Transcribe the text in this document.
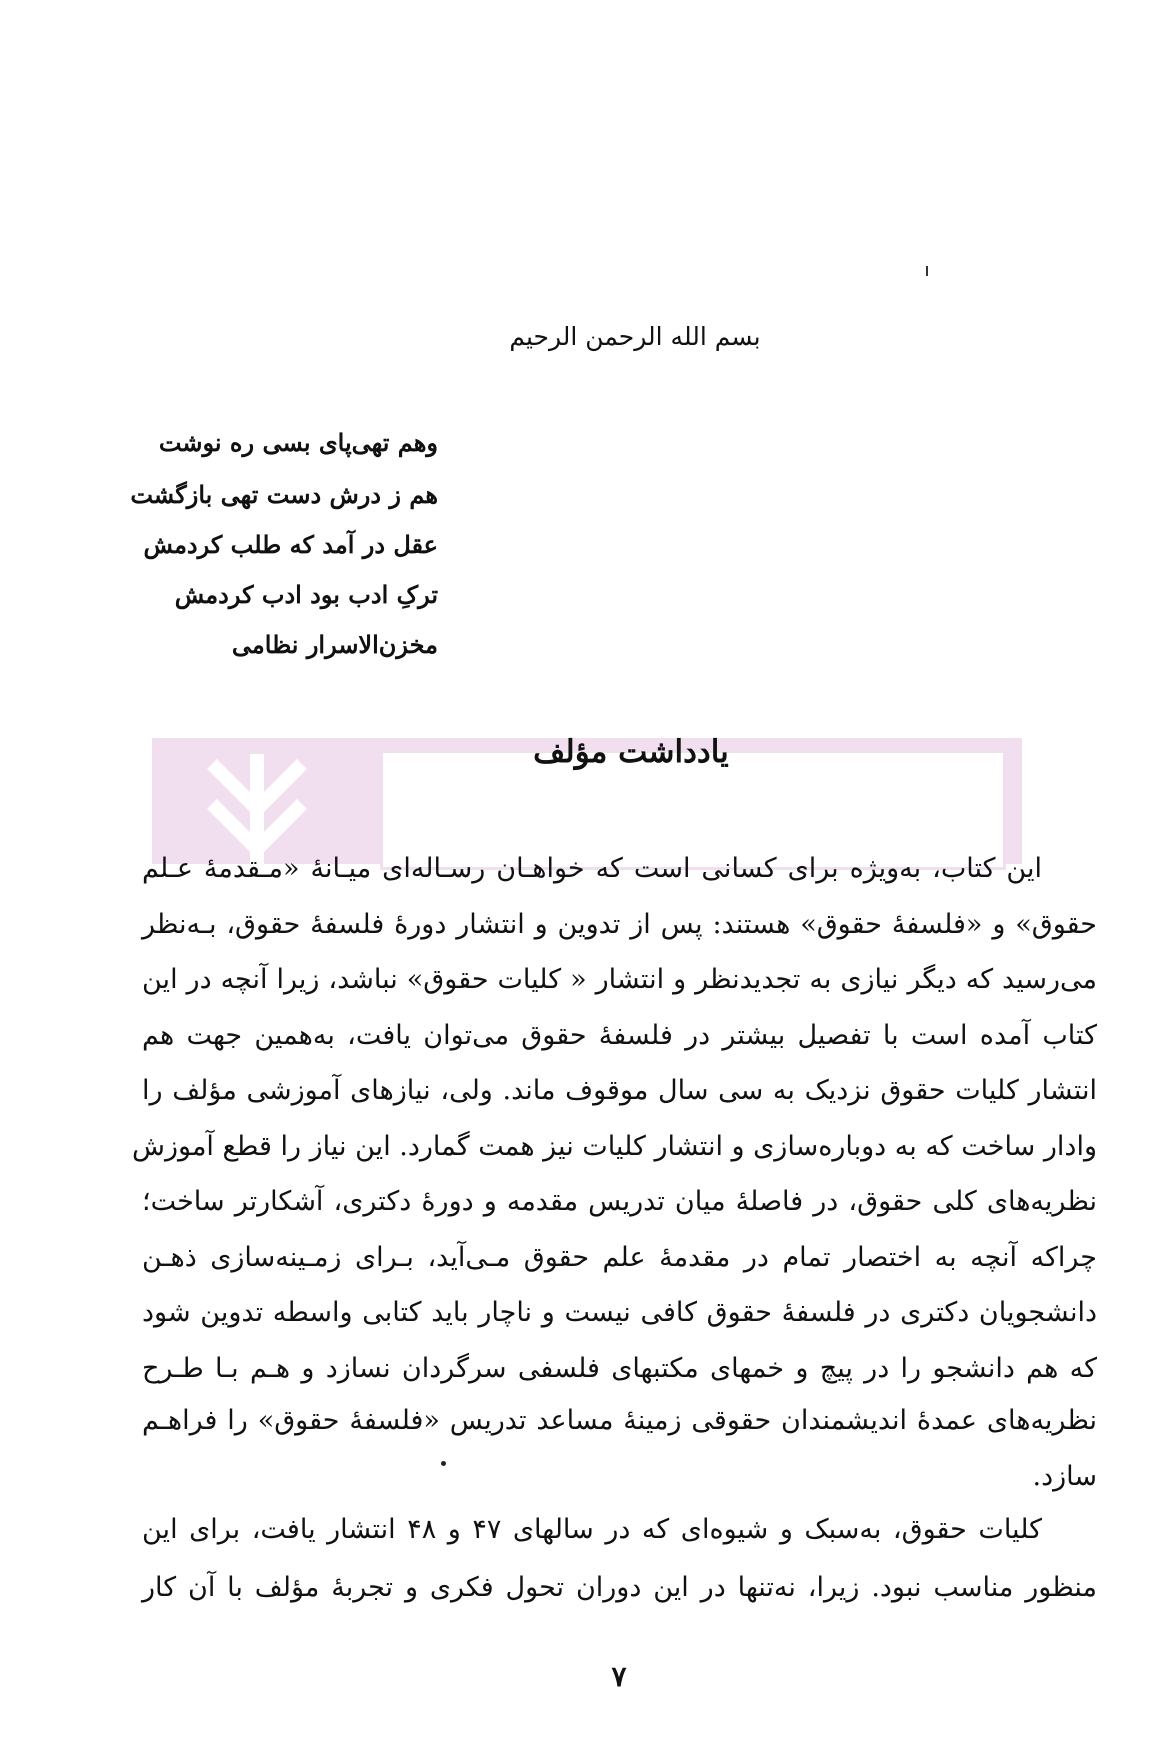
بسم الله الرحمن الرحیم
وهم تهی‌پای بسی ره نوشت
هم ز درش دست تهی بازگشت
عقل در آمد که طلب کردمش
ترکِ ادب بود ادب کردمش
مخزن‌الاسرار نظامی
یادداشت مؤلف
این کتاب، به‌ویژه برای کسانی است که خواهـان رسـاله‌ای میـانهٔ «مـقدمهٔ عـلم
حقوق» و «فلسفهٔ حقوق» هستند: پس از تدوین و انتشار دورهٔ فلسفهٔ حقوق، بـه‌نظر
می‌رسید که دیگر نیازی به تجدیدنظر و انتشار « کلیات حقوق» نباشد، زیرا آنچه در این
کتاب آمده است با تفصیل بیشتر در فلسفهٔ حقوق می‌توان یافت، به‌همین جهت هم
انتشار کلیات حقوق نزدیک به سی سال موقوف ماند. ولی، نیازهای آموزشی مؤلف را
وادار ساخت که به دوباره‌سازی و انتشار کلیات نیز همت گمارد. این نیاز را قطع آموزش
نظریه‌های کلی حقوق، در فاصلهٔ میان تدریس مقدمه و دورهٔ دکتری، آشکارتر ساخت؛
چراکه آنچه به اختصار تمام در مقدمهٔ علم حقوق مـی‌آید، بـرای زمـینه‌سازی ذهـن
دانشجویان دکتری در فلسفهٔ حقوق کافی نیست و ناچار باید کتابی واسطه تدوین شود
که هم دانشجو را در پیچ و خمهای مکتبهای فلسفی سرگردان نسازد و هـم بـا طـرح
نظریه‌های عمدهٔ اندیشمندان حقوقی زمینهٔ مساعد تدریس «فلسفهٔ حقوق» را فراهـم
سازد.
کلیات حقوق، به‌سبک و شیوه‌ای که در سالهای ۴۷ و ۴۸ انتشار یافت، برای این
منظور مناسب نبود. زیرا، نه‌تنها در این دوران تحول فکری و تجربهٔ مؤلف با آن کار
٧
